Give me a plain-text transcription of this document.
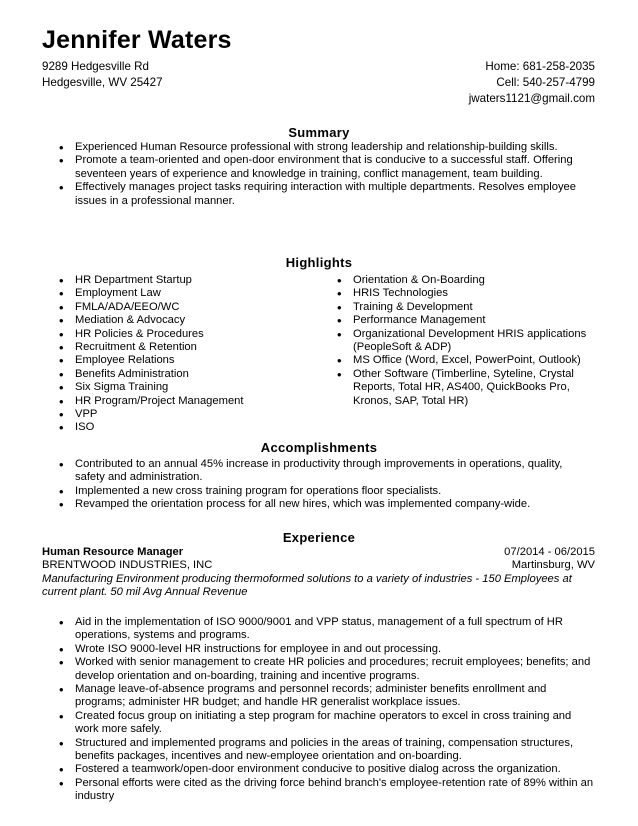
Jennifer Waters
9289 Hedgesville Rd
Hedgesville, WV 25427
Home: 681-258-2035
Cell: 540-257-4799
jwaters1121@gmail.com
Summary
• Experienced Human Resource professional with strong leadership and relationship-building skills.
• Promote a team-oriented and open-door environment that is conducive to a successful staff. Offering seventeen years of experience and knowledge in training, conflict management, team building.
• Effectively manages project tasks requiring interaction with multiple departments. Resolves employee issues in a professional manner.
Highlights
• HR Department Startup
• Employment Law
• FMLA/ADA/EEO/WC
• Mediation & Advocacy
• HR Policies & Procedures
• Recruitment & Retention
• Employee Relations
• Benefits Administration
• Six Sigma Training
• HR Program/Project Management
• VPP
• ISO
• Orientation & On-Boarding
• HRIS Technologies
• Training & Development
• Performance Management
• Organizational Development HRIS applications (PeopleSoft & ADP)
• MS Office (Word, Excel, PowerPoint, Outlook)
• Other Software (Timberline, Syteline, Crystal Reports, Total HR, AS400, QuickBooks Pro, Kronos, SAP, Total HR)
Accomplishments
• Contributed to an annual 45% increase in productivity through improvements in operations, quality, safety and administration.
• Implemented a new cross training program for operations floor specialists.
• Revamped the orientation process for all new hires, which was implemented company-wide.
Experience
Human Resource Manager	07/2014 - 06/2015
BRENTWOOD INDUSTRIES, INC	Martinsburg, WV
Manufacturing Environment producing thermoformed solutions to a variety of industries - 150 Employees at current plant. 50 mil Avg Annual Revenue
• Aid in the implementation of ISO 9000/9001 and VPP status, management of a full spectrum of HR operations, systems and programs.
• Wrote ISO 9000-level HR instructions for employee in and out processing.
• Worked with senior management to create HR policies and procedures; recruit employees; benefits; and develop orientation and on-boarding, training and incentive programs.
• Manage leave-of-absence programs and personnel records; administer benefits enrollment and programs; administer HR budget; and handle HR generalist workplace issues.
• Created focus group on initiating a step program for machine operators to excel in cross training and work more safely.
• Structured and implemented programs and policies in the areas of training, compensation structures, benefits packages, incentives and new-employee orientation and on-boarding.
• Fostered a teamwork/open-door environment conducive to positive dialog across the organization.
• Personal efforts were cited as the driving force behind branch's employee-retention rate of 89% within an industry
